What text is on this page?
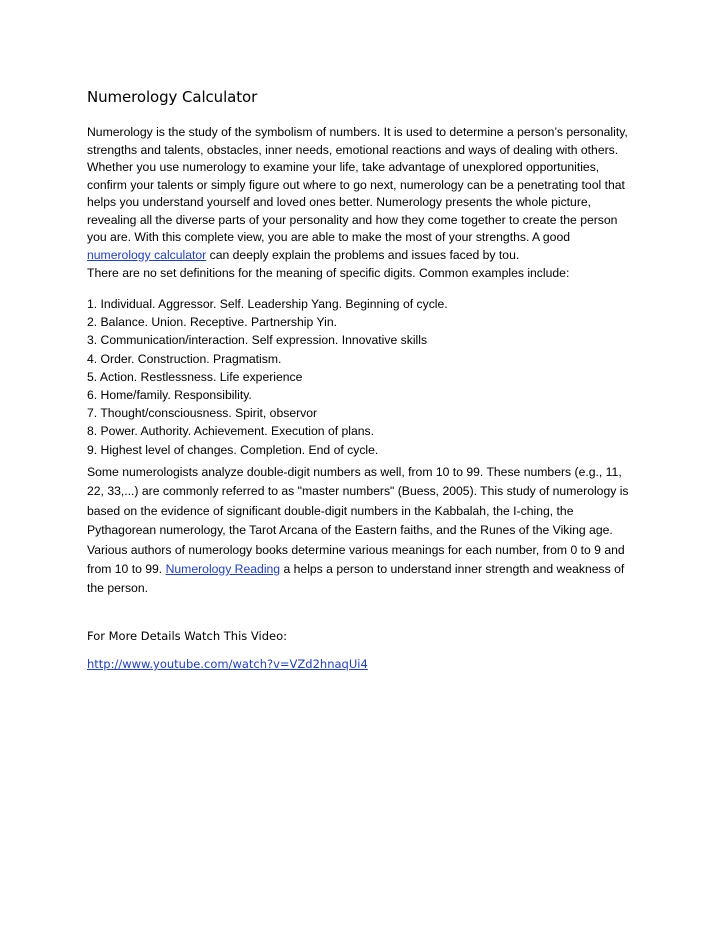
Numerology Calculator
Numerology is the study of the symbolism of numbers. It is used to determine a person’s personality,
strengths and talents, obstacles, inner needs, emotional reactions and ways of dealing with others.
Whether you use numerology to examine your life, take advantage of unexplored opportunities,
confirm your talents or simply figure out where to go next, numerology can be a penetrating tool that
helps you understand yourself and loved ones better. Numerology presents the whole picture,
revealing all the diverse parts of your personality and how they come together to create the person
you are. With this complete view, you are able to make the most of your strengths. A good
numerology calculator can deeply explain the problems and issues faced by tou.
There are no set definitions for the meaning of specific digits. Common examples include:
1. Individual. Aggressor. Self. Leadership Yang. Beginning of cycle.
2. Balance. Union. Receptive. Partnership Yin.
3. Communication/interaction. Self expression. Innovative skills
4. Order. Construction. Pragmatism.
5. Action. Restlessness. Life experience
6. Home/family. Responsibility.
7. Thought/consciousness. Spirit, observor
8. Power. Authority. Achievement. Execution of plans.
9. Highest level of changes. Completion. End of cycle.
Some numerologists analyze double-digit numbers as well, from 10 to 99. These numbers (e.g., 11,
22, 33,...) are commonly referred to as "master numbers" (Buess, 2005). This study of numerology is
based on the evidence of significant double-digit numbers in the Kabbalah, the I-ching, the
Pythagorean numerology, the Tarot Arcana of the Eastern faiths, and the Runes of the Viking age.
Various authors of numerology books determine various meanings for each number, from 0 to 9 and
from 10 to 99. Numerology Reading a helps a person to understand inner strength and weakness of
the person.
For More Details Watch This Video:
http://www.youtube.com/watch?v=VZd2hnaqUi4
